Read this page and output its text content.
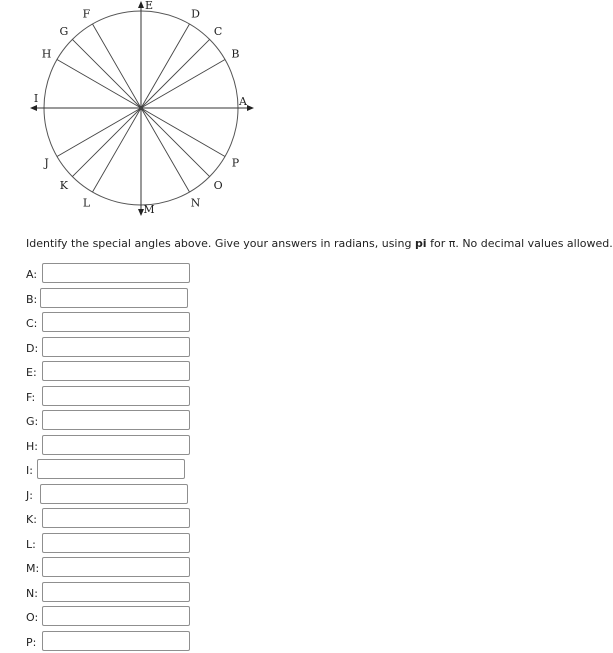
A
B
C
D
E
F
G
H
I
J
K
L
M
N
O
P
Identify the special angles above. Give your answers in radians, using pi for π. No decimal values allowed.
A:
B:
C:
D:
E:
F:
G:
H:
I:
J:
K:
L:
M:
N:
O:
P:
